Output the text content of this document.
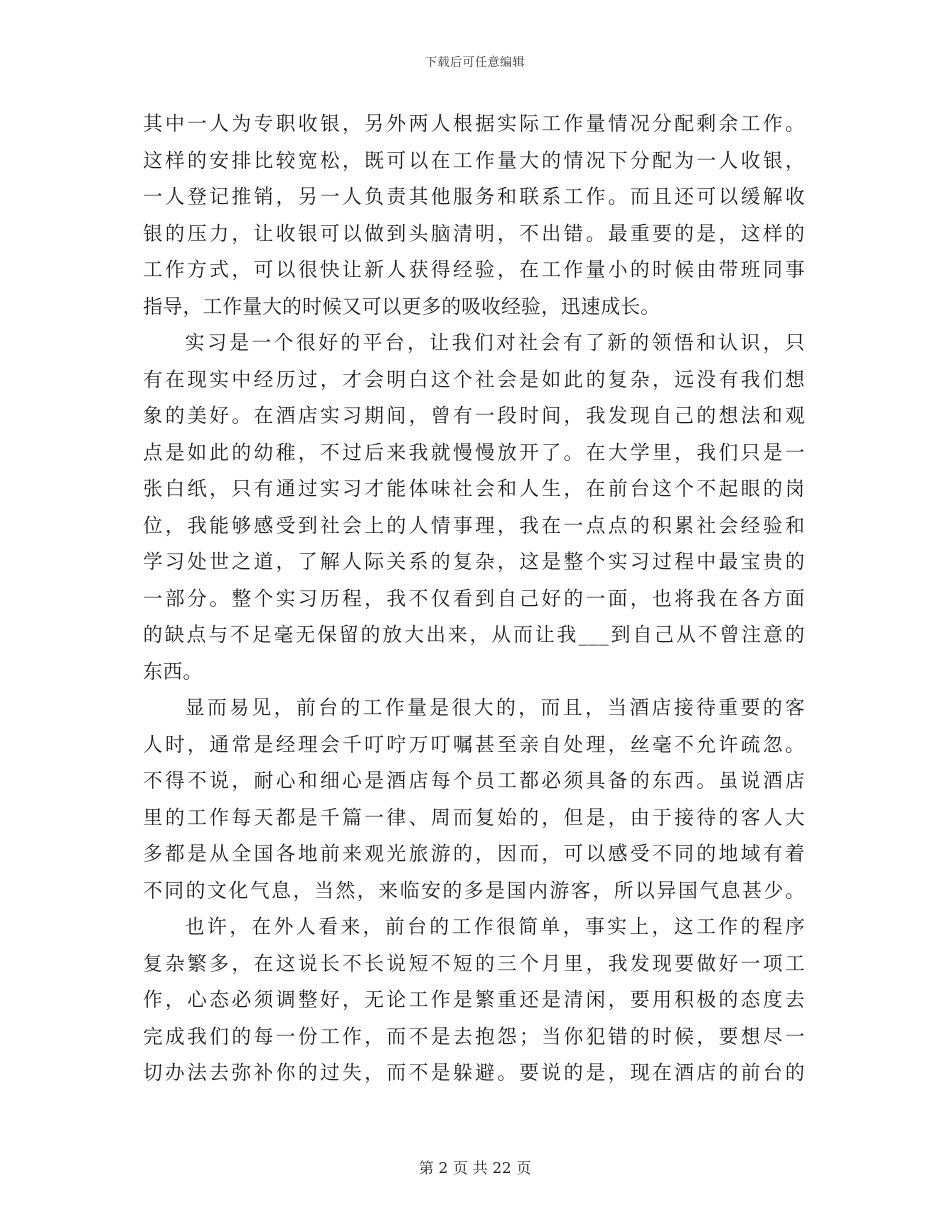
下载后可任意编辑
其中一人为专职收银，另外两人根据实际工作量情况分配剩余工作。
这样的安排比较宽松，既可以在工作量大的情况下分配为一人收银，
一人登记推销，另一人负责其他服务和联系工作。而且还可以缓解收
银的压力，让收银可以做到头脑清明，不出错。最重要的是，这样的
工作方式，可以很快让新人获得经验，在工作量小的时候由带班同事
指导，工作量大的时候又可以更多的吸收经验，迅速成长。
实习是一个很好的平台，让我们对社会有了新的领悟和认识，只
有在现实中经历过，才会明白这个社会是如此的复杂，远没有我们想
象的美好。在酒店实习期间，曾有一段时间，我发现自己的想法和观
点是如此的幼稚，不过后来我就慢慢放开了。在大学里，我们只是一
张白纸，只有通过实习才能体味社会和人生，在前台这个不起眼的岗
位，我能够感受到社会上的人情事理，我在一点点的积累社会经验和
学习处世之道，了解人际关系的复杂，这是整个实习过程中最宝贵的
一部分。整个实习历程，我不仅看到自己好的一面，也将我在各方面
的缺点与不足毫无保留的放大出来，从而让我___到自己从不曾注意的
东西。
显而易见，前台的工作量是很大的，而且，当酒店接待重要的客
人时，通常是经理会千叮咛万叮嘱甚至亲自处理，丝毫不允许疏忽。
不得不说，耐心和细心是酒店每个员工都必须具备的东西。虽说酒店
里的工作每天都是千篇一律、周而复始的，但是，由于接待的客人大
多都是从全国各地前来观光旅游的，因而，可以感受不同的地域有着
不同的文化气息，当然，来临安的多是国内游客，所以异国气息甚少。
也许，在外人看来，前台的工作很简单，事实上，这工作的程序
复杂繁多，在这说长不长说短不短的三个月里，我发现要做好一项工
作，心态必须调整好，无论工作是繁重还是清闲，要用积极的态度去
完成我们的每一份工作，而不是去抱怨；当你犯错的时候，要想尽一
切办法去弥补你的过失，而不是躲避。要说的是，现在酒店的前台的
第 2 页 共 22 页
